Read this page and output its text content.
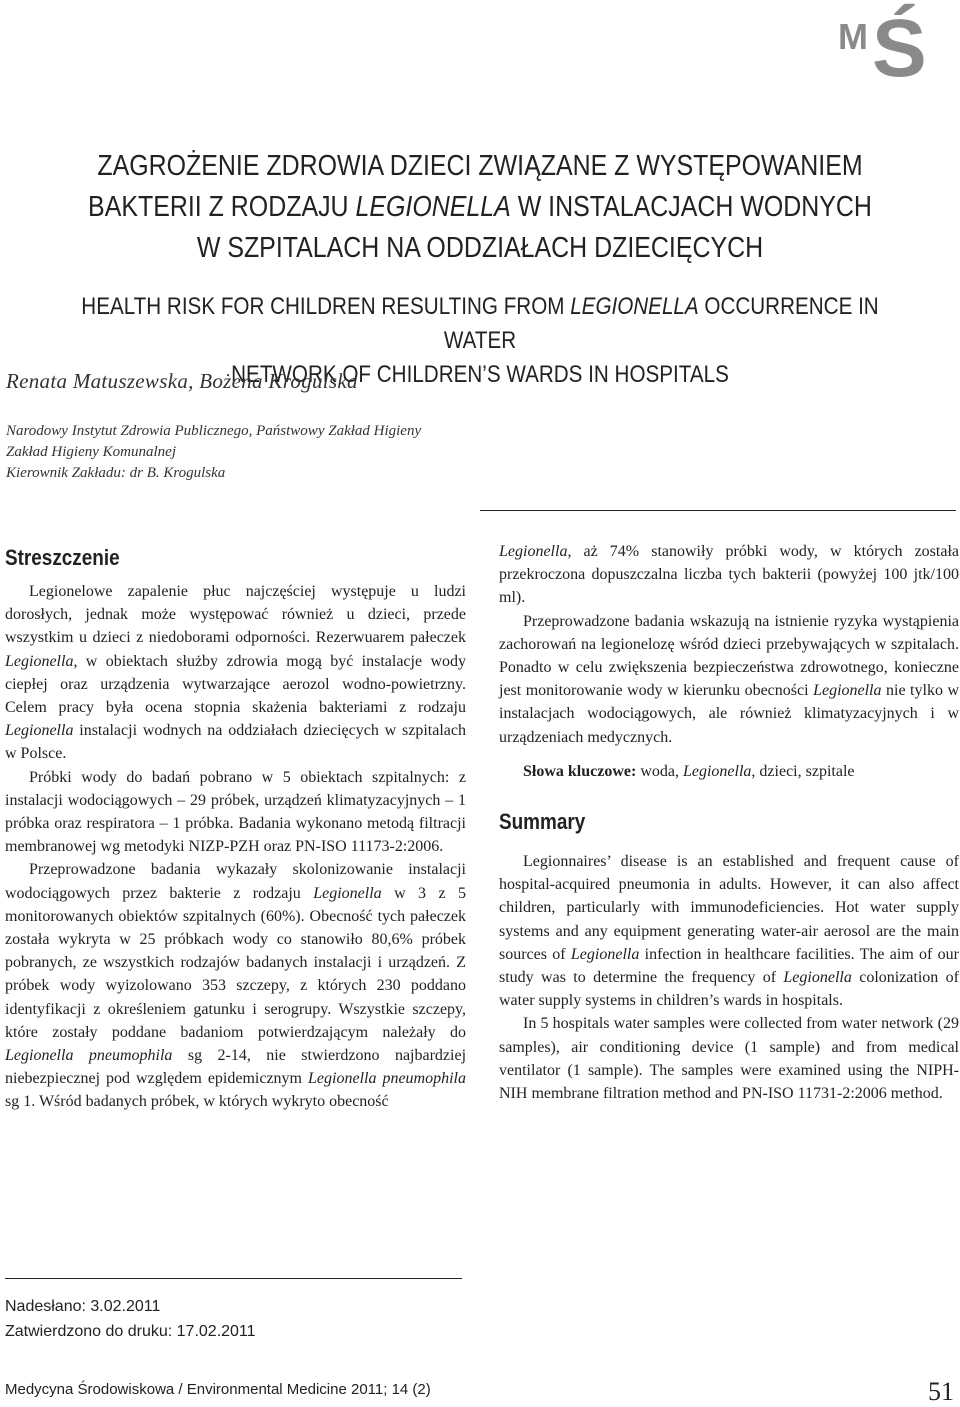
M Ś
ZAGROŻENIE ZDROWIA DZIECI ZWIĄZANE Z WYSTĘPOWANIEM
BAKTERII Z RODZAJU LEGIONELLA W INSTALACJACH WODNYCH
W SZPITALACH NA ODDZIAŁACH DZIECIĘCYCH
HEALTH RISK FOR CHILDREN RESULTING FROM LEGIONELLA OCCURRENCE IN WATER
NETWORK OF CHILDREN’S WARDS IN HOSPITALS
Renata Matuszewska, Bożena Krogulska
Narodowy Instytut Zdrowia Publicznego, Państwowy Zakład Higieny
Zakład Higieny Komunalnej
Kierownik Zakładu: dr B. Krogulska
Streszczenie

Legionelowe zapalenie płuc najczęściej występuje u ludzi dorosłych, jednak może występować również u dzieci, przede wszystkim u dzieci z niedoborami odporności. Rezerwuarem pałeczek Legionella, w obiektach służby zdrowia mogą być instalacje wody ciepłej oraz urządzenia wytwarzające aerozol wodno-powietrzny. Celem pracy była ocena stopnia skażenia bakteriami z rodzaju Legionella instalacji wodnych na oddziałach dziecięcych w szpitalach w Polsce.

Próbki wody do badań pobrano w 5 obiektach szpitalnych: z instalacji wodociągowych – 29 próbek, urządzeń klimatyzacyjnych – 1 próbka oraz respiratora – 1 próbka. Badania wykonano metodą filtracji membranowej wg metodyki NIZP-PZH oraz PN-ISO 11173-2:2006.

Przeprowadzone badania wykazały skolonizowanie instalacji wodociągowych przez bakterie z rodzaju Legionella w 3 z 5 monitorowanych obiektów szpitalnych (60%). Obecność tych pałeczek została wykryta w 25 próbkach wody co stanowiło 80,6% próbek pobranych, ze wszystkich rodzajów badanych instalacji i urządzeń. Z próbek wody wyizolowano 353 szczepy, z których 230 poddano identyfikacji z określeniem gatunku i serogrupy. Wszystkie szczepy, które zostały poddane badaniom potwierdzającym należały do Legionella pneumophila sg 2-14, nie stwierdzono najbardziej niebezpiecznej pod względem epidemicznym Legionella pneumophila sg 1. Wśród badanych próbek, w których wykryto obecność

Legionella, aż 74% stanowiły próbki wody, w których została przekroczona dopuszczalna liczba tych bakterii (powyżej 100 jtk/100 ml).

Przeprowadzone badania wskazują na istnienie ryzyka wystąpienia zachorowań na legionelozę wśród dzieci przebywających w szpitalach. Ponadto w celu zwiększenia bezpieczeństwa zdrowotnego, konieczne jest monitorowanie wody w kierunku obecności Legionella nie tylko w instalacjach wodociągowych, ale również klimatyzacyjnych i w urządzeniach medycznych.

Słowa kluczowe: woda, Legionella, dzieci, szpitale

Summary

Legionnaires’ disease is an established and frequent cause of hospital-acquired pneumonia in adults. However, it can also affect children, particularly with immunodeficiencies. Hot water supply systems and any equipment generating water-air aerosol are the main sources of Legionella infection in healthcare facilities. The aim of our study was to determine the frequency of Legionella colonization of water supply systems in children’s wards in hospitals.

In 5 hospitals water samples were collected from water network (29 samples), air conditioning device (1 sample) and from medical ventilator (1 sample). The samples were examined using the NIPH-NIH membrane filtration method and PN-ISO 11731-2:2006 method.

Nadesłano: 3.02.2011
Zatwierdzono do druku: 17.02.2011
Medycyna Środowiskowa / Environmental Medicine 2011; 14 (2)	51
